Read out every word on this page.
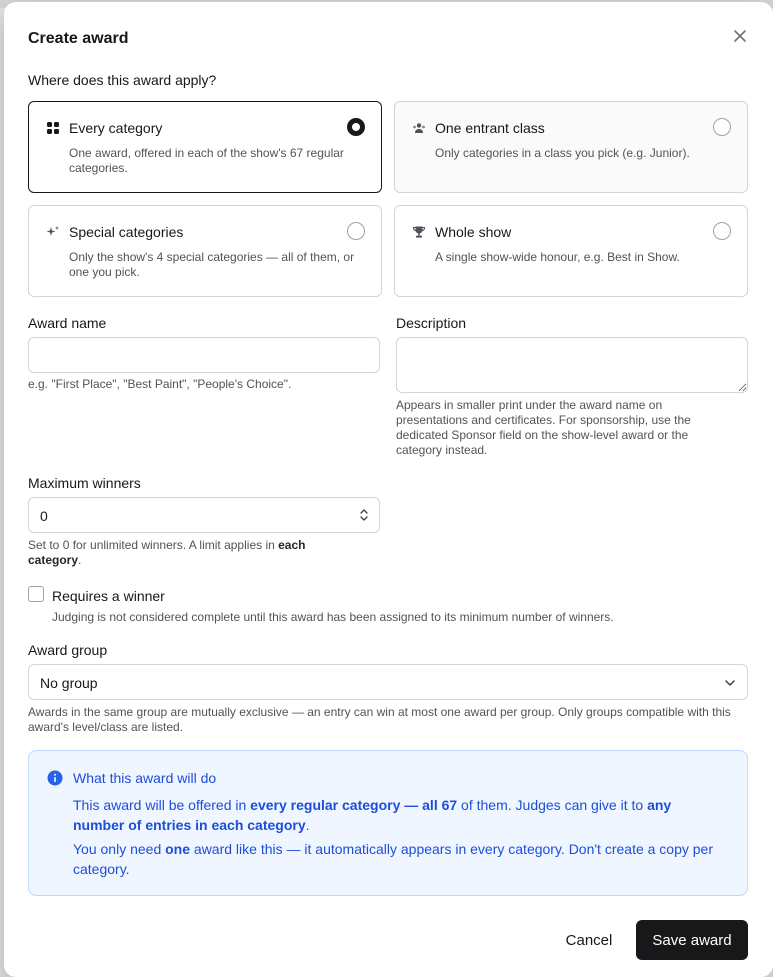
Create award
Where does this award apply?
Every category
One award, offered in each of the show's 67 regular categories.
One entrant class
Only categories in a class you pick (e.g. Junior).
Special categories
Only the show's 4 special categories — all of them, or one you pick.
Whole show
A single show-wide honour, e.g. Best in Show.
Award name
e.g. "First Place", "Best Paint", "People's Choice".
Description
Appears in smaller print under the award name on presentations and certificates. For sponsorship, use the dedicated Sponsor field on the show-level award or the category instead.
Maximum winners
0
Set to 0 for unlimited winners. A limit applies in each category.
Requires a winner
Judging is not considered complete until this award has been assigned to its minimum number of winners.
Award group
No group
Awards in the same group are mutually exclusive — an entry can win at most one award per group. Only groups compatible with this award's level/class are listed.
What this award will do
This award will be offered in every regular category — all 67 of them. Judges can give it to any number of entries in each category.
You only need one award like this — it automatically appears in every category. Don't create a copy per category.
Cancel	Save award
